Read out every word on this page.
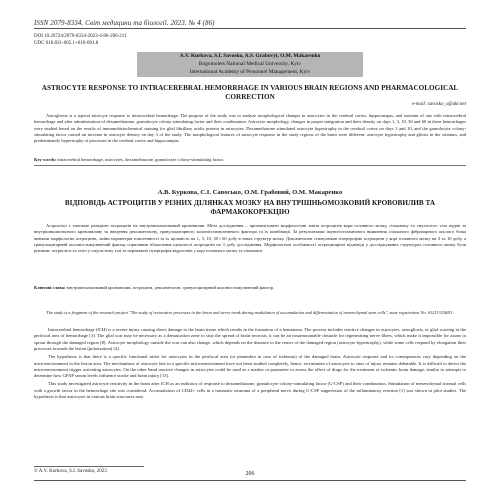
ISSN 2079-8334. Світ медицини та біології. 2023. № 4 (86)
DOI 10.26724/2079-8334-2023-4-86-206-211
UDC 616.831-005.1+616-091.8
A.V. Kurkova, S.I. Savosko, A.S. Grabovyi, O.M. Makarenko
Bogomolets National Medical University, Kyiv
International Academy of Personnel Management, Kyiv
ASTROCYTE RESPONSE TO INTRACEREBRAL HEMORRHAGE IN VARIOUS BRAIN REGIONS AND PHARMACOLOGICAL CORRECTION
e-mail: savosko_s@ukr.net
Astrogliosis is a typical astrocyte response to intracerebral hemorrhage. The purpose of the study was to analyze morphological changes in astrocytes in the cerebral cortex, hippocampus, and striatum of rats with intracerebral hemorrhage and after administration of dexamethasone, granulocyte colony-stimulating factor and their combination. Astrocyte morphology, changes in proper integration and their density on days 1, 3, 10, 30 and 60 in these hemorrhages were studied based on the results of immunohistochemical staining for glial fibrillary acidic protein in astrocytes. Dexamethasone stimulated astrocyte hypertrophy in the cerebral cortex on days 3 and 10, and the granulocyte colony-stimulating factor caused an increase in astrocyte density on day 3 of the study. The morphological features of astrocyte response in the study regions of the brain were different: astrocyte hypertrophy and gliosis in the striatum, and predominantly hypertrophy of processes in the cerebral cortex and hippocampus.
Key words: intracerebral hemorrhage, astrocytes, dexamethasone, granulocyte colony-stimulating factor.
А.В. Куркова, С.І. Савосько, О.М. Грабовий, О.М. Макаренко
ВІДПОВІДЬ АСТРОЦИТІВ У РІЗНИХ ДІЛЯНКАХ МОЗКУ НА ВНУТРІШНЬОМОЗКОВИЙ КРОВОВИЛИВ ТА ФАРМАКОКОРЕКЦІЮ
Астрогліоз є типовою реакцією астроцитів на внутрішньомозковий крововилив. Мета дослідження – проаналізувати морфологічні зміни астроцитів кори головного мозку, гіпокампу та смугастого тіла щурів за внутрішньомозкового крововиливу та введення дексаметазону, гранулоцитарного колонієстимулюючого фактора та їх комбінації. За результатами імуногістохімічного виявлення гліального фібрилярного кислого білка вивчали морфологію астроцитів, зміни параметрів гомогенності та їх щільність на 1, 3, 10, 30 і 60 добу в зонах структур мозку. Дексаметазон стимулював гіпертрофію астроцитів у корі головного мозку на 3 та 10 добу, а гранулоцитарний колонієстимулюючий фактор спричинив збільшення щільності астроцитів на 3 добу дослідження. Морфологічні особливості астроцитарної відповіді у досліджуваних структурах головного мозку були різними: астрогліоз та гліоз у смугастому тілі та переважно гіпертрофія відростків у корі головного мозку та гіпокампі.
Ключові слова: внутрішньомозковий крововилив, астроцити, дексаметазон, гранулоцитарний колонієстимулюючий фактор.
The study is a fragment of the research project "The study of restorative processes in the brain and nerve trunk during modulation of accumulation and differentiation of mesenchymal stem cells", state registration No. 0121U110051.

Intracerebral hemorrhage (ICH) is a severe injury causing direct damage to the brain tissue which results in the formation of a hematoma. The process includes reactive changes in astrocytes, astrogliosis, or glial scarring in the perifocal area of hemorrhage [3]. The glial scar may be necessary as a demarcation zone to stop the spread of brain necrosis, it can be an insurmountable obstacle for regenerating nerve fibers, which make it impossible for axons to sprout through the damaged region [8]. Astrocyte morphology outside the scar can also change, which depends on the distance to the center of the damaged region (astrocyte hypertrophy), while some cells respond by elongation their processes towards the lesion (polarization) [4].

The hypothesis is that there is a specific functional niche for astrocytes in the perifocal area (or penumbra in case of ischemia) of the damaged brain. Astrocyte response and its consequences vary depending on the microenvironment in the lesion area. The mechanisms of astrocyte fate in a specific microenvironment have not been studied completely, hence, recruitment of astrocytes to sites of injury remains debatable. It is difficult to detect the microenvironment trigger activating astrocytes. On the other hand reactive changes in astrocytes could be used as a marker or parameter to assess the effect of drugs for the treatment of ischemic brain damage, similar to attempts to determine how GFAP serum levels influence stroke and brain injury [13].

This study investigated astrocyte reactivity in the brain after ICH as an indicator of response to dexamethasone, granulocyte colony-stimulating factor (G-CSF) and their combination. Stimulation of mesenchymal stromal cells with a growth factor in the hemorrhage site was considered. Accumulation of CD44+ cells in a traumatic neuroma of a peripheral nerve during G-CSF suppression of the inflammatory reaction [1] was shown in pilot studies. The hypothesis is that astrocytes in various brain structures may

© A.V. Kurkova, S.I. Savosko, 2023	206
